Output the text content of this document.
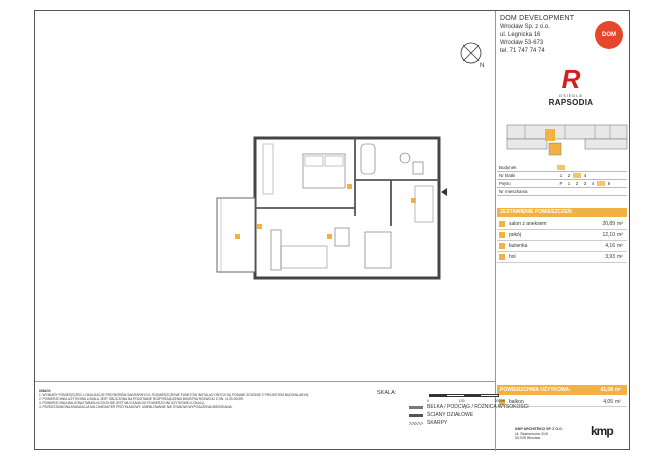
DOM DEVELOPMENT
Wrocław Sp. z o.o.
ul. Legnicka 16
Wrocław 53-673
tel. 71 747 74 74
DOM
N	R
OSIEDLE
RAPSODIA
Budynek

Nr klatki	1	2	4
Piętro	P	1	2	3	4	6
Nr mieszkania
ZESTAWIENIE POMIESZCZEŃ:
salon z aneksem	20,89 m²
pokój	12,10 m²
łazienka	4,16 m²
hol	3,93 m²
POWIERZCHNIA UŻYTKOWA:	41,08 m²
balkon	4,05 m²
KMP ARCHITEKCI SP. Z O.O.
Ul. Skarbowców 31/6
53-025 Wrocław	kmp
SKALA:
0	100	200cm
BELKA / PODCIĄG / RÓŻNICA WYSOKOŚCI
ŚCIANY DZIAŁOWE
SKARPY
UWAGI:
1. WYMIARY POMIESZCZEŃ, LOKALIZACJE PRZYBORÓW SANITARNYCH, ROZMIESZCZENIE PUNKTÓW INSTALACYJNYCH SĄ PODANE ZGODNIE Z PROJEKTEM BUDOWLANYM.
2. POWIERZCHNIA UŻYTKOWA LOKALU JEST OBLICZONA NA PODSTAWIE ROZPORZĄDZENIA MINISTRA ROZWOJU Z DN. 11.09.2020R.
3. POWIERZCHNIA BALKONU/TARASU/LOGGII NIE JEST WLICZANA DO POWIERZCHNI UŻYTKOWEJ LOKALU.
4. PRZEDSTAWIONA ARANŻACJA MA CHARAKTER PRZYKŁADOWY. UMEBLOWANIE NIE STANOWI WYPOSAŻENIA MIESZKANIA.
